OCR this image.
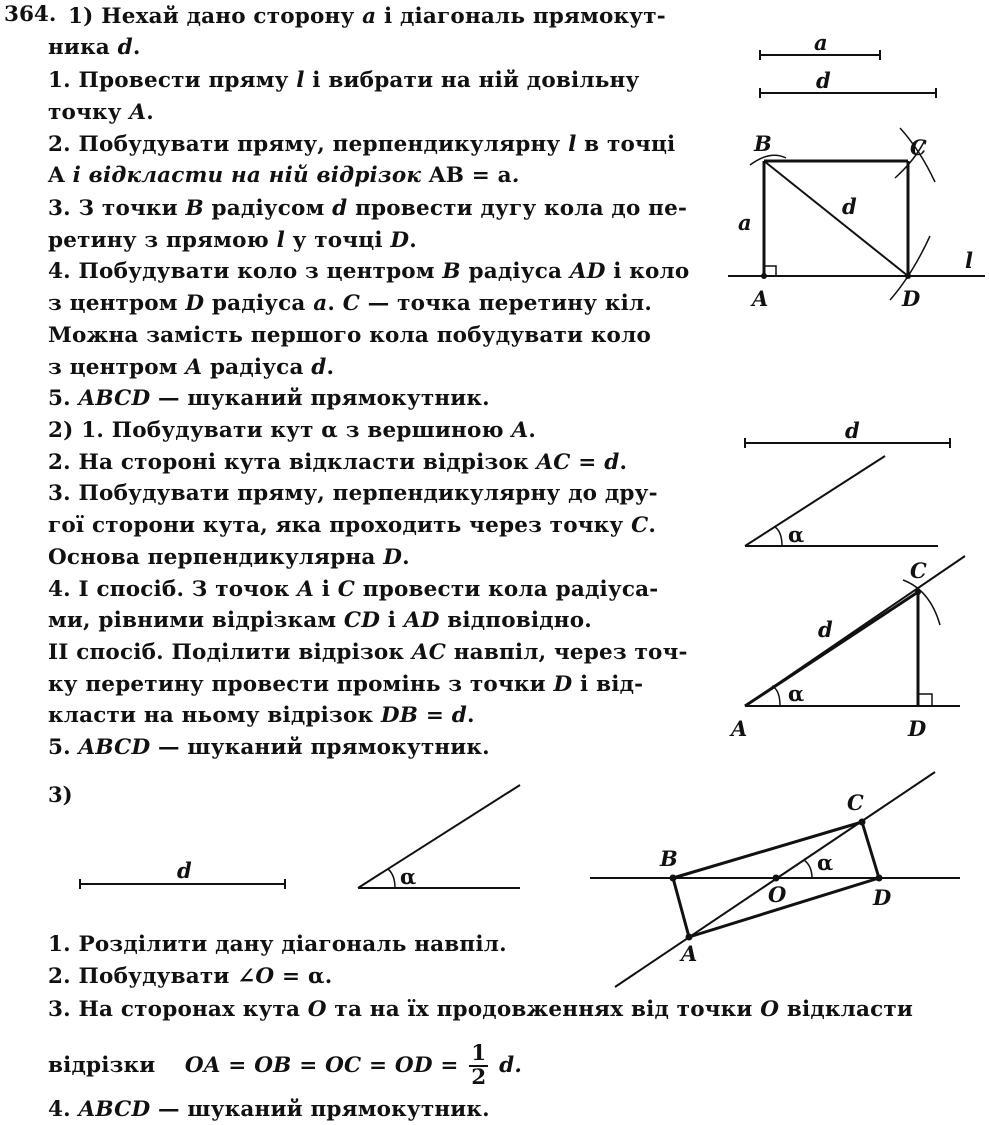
364. 1) Нехай дано сторону a і діагональ прямокут-
ника d.
1. Провести пряму l і вибрати на ній довільну
точку A.
2. Побудувати пряму, перпендикулярну l в точці
A і відкласти на ній відрізок AB = a.
3. З точки B радіусом d провести дугу кола до пе-
ретину з прямою l у точці D.
4. Побудувати коло з центром B радіуса AD і коло
з центром D радіуса a. C — точка перетину кіл.
Можна замість першого кола побудувати коло
з центром A радіуса d.
5. ABCD — шуканий прямокутник.
2) 1. Побудувати кут α з вершиною A.
2. На стороні кута відкласти відрізок AC = d.
3. Побудувати пряму, перпендикулярну до дру-
гої сторони кута, яка проходить через точку C.
Основа перпендикулярна D.
4. І спосіб. З точок A і C провести кола радіуса-
ми, рівними відрізкам CD і AD відповідно.
ІІ спосіб. Поділити відрізок AC навпіл, через точ-
ку перетину провести промінь з точки D і від-
класти на ньому відрізок DB = d.
5. ABCD — шуканий прямокутник.
1. Розділити дану діагональ навпіл.
2. Побудувати ∠O = α.
3. На сторонах кута O та на їх продовженнях від точки O відкласти
4. ABCD — шуканий прямокутник.
відрізки OA = OB = OC = OD = $\frac{1}{2} d$.
a
d
B	C
a
d
l
A	D
d
α
C
d
α
A	D
3)
d	α
B
C
O
α
D
A
